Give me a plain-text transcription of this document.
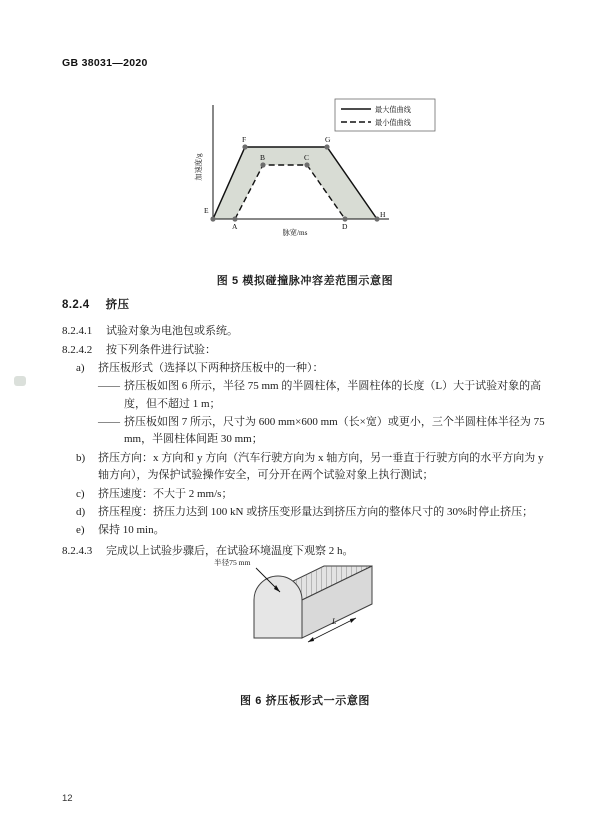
GB 38031—2020
最大值曲线
最小值曲线
E
F	G
H
A
B	C
D
脉宽/ms
加速度/g
图 5 模拟碰撞脉冲容差范围示意图
8.2.4 挤压
8.2.4.1 试验对象为电池包或系统。
8.2.4.2 按下列条件进行试验：
a) 挤压板形式（选择以下两种挤压板中的一种）：
—— 挤压板如图 6 所示，半径 75 mm 的半圆柱体，半圆柱体的长度（L）大于试验对象的高度，但不超过 1 m；
—— 挤压板如图 7 所示，尺寸为 600 mm×600 mm（长×宽）或更小，三个半圆柱体半径为 75 mm，半圆柱体间距 30 mm；
b) 挤压方向：x 方向和 y 方向（汽车行驶方向为 x 轴方向，另一垂直于行驶方向的水平方向为 y 轴方向），为保护试验操作安全，可分开在两个试验对象上执行测试；
c) 挤压速度：不大于 2 mm/s；
d) 挤压程度：挤压力达到 100 kN 或挤压变形量达到挤压方向的整体尺寸的 30%时停止挤压；
e) 保持 10 min。
8.2.4.3 完成以上试验步骤后，在试验环境温度下观察 2 h。
半径75 mm
L
图 6 挤压板形式一示意图
12
